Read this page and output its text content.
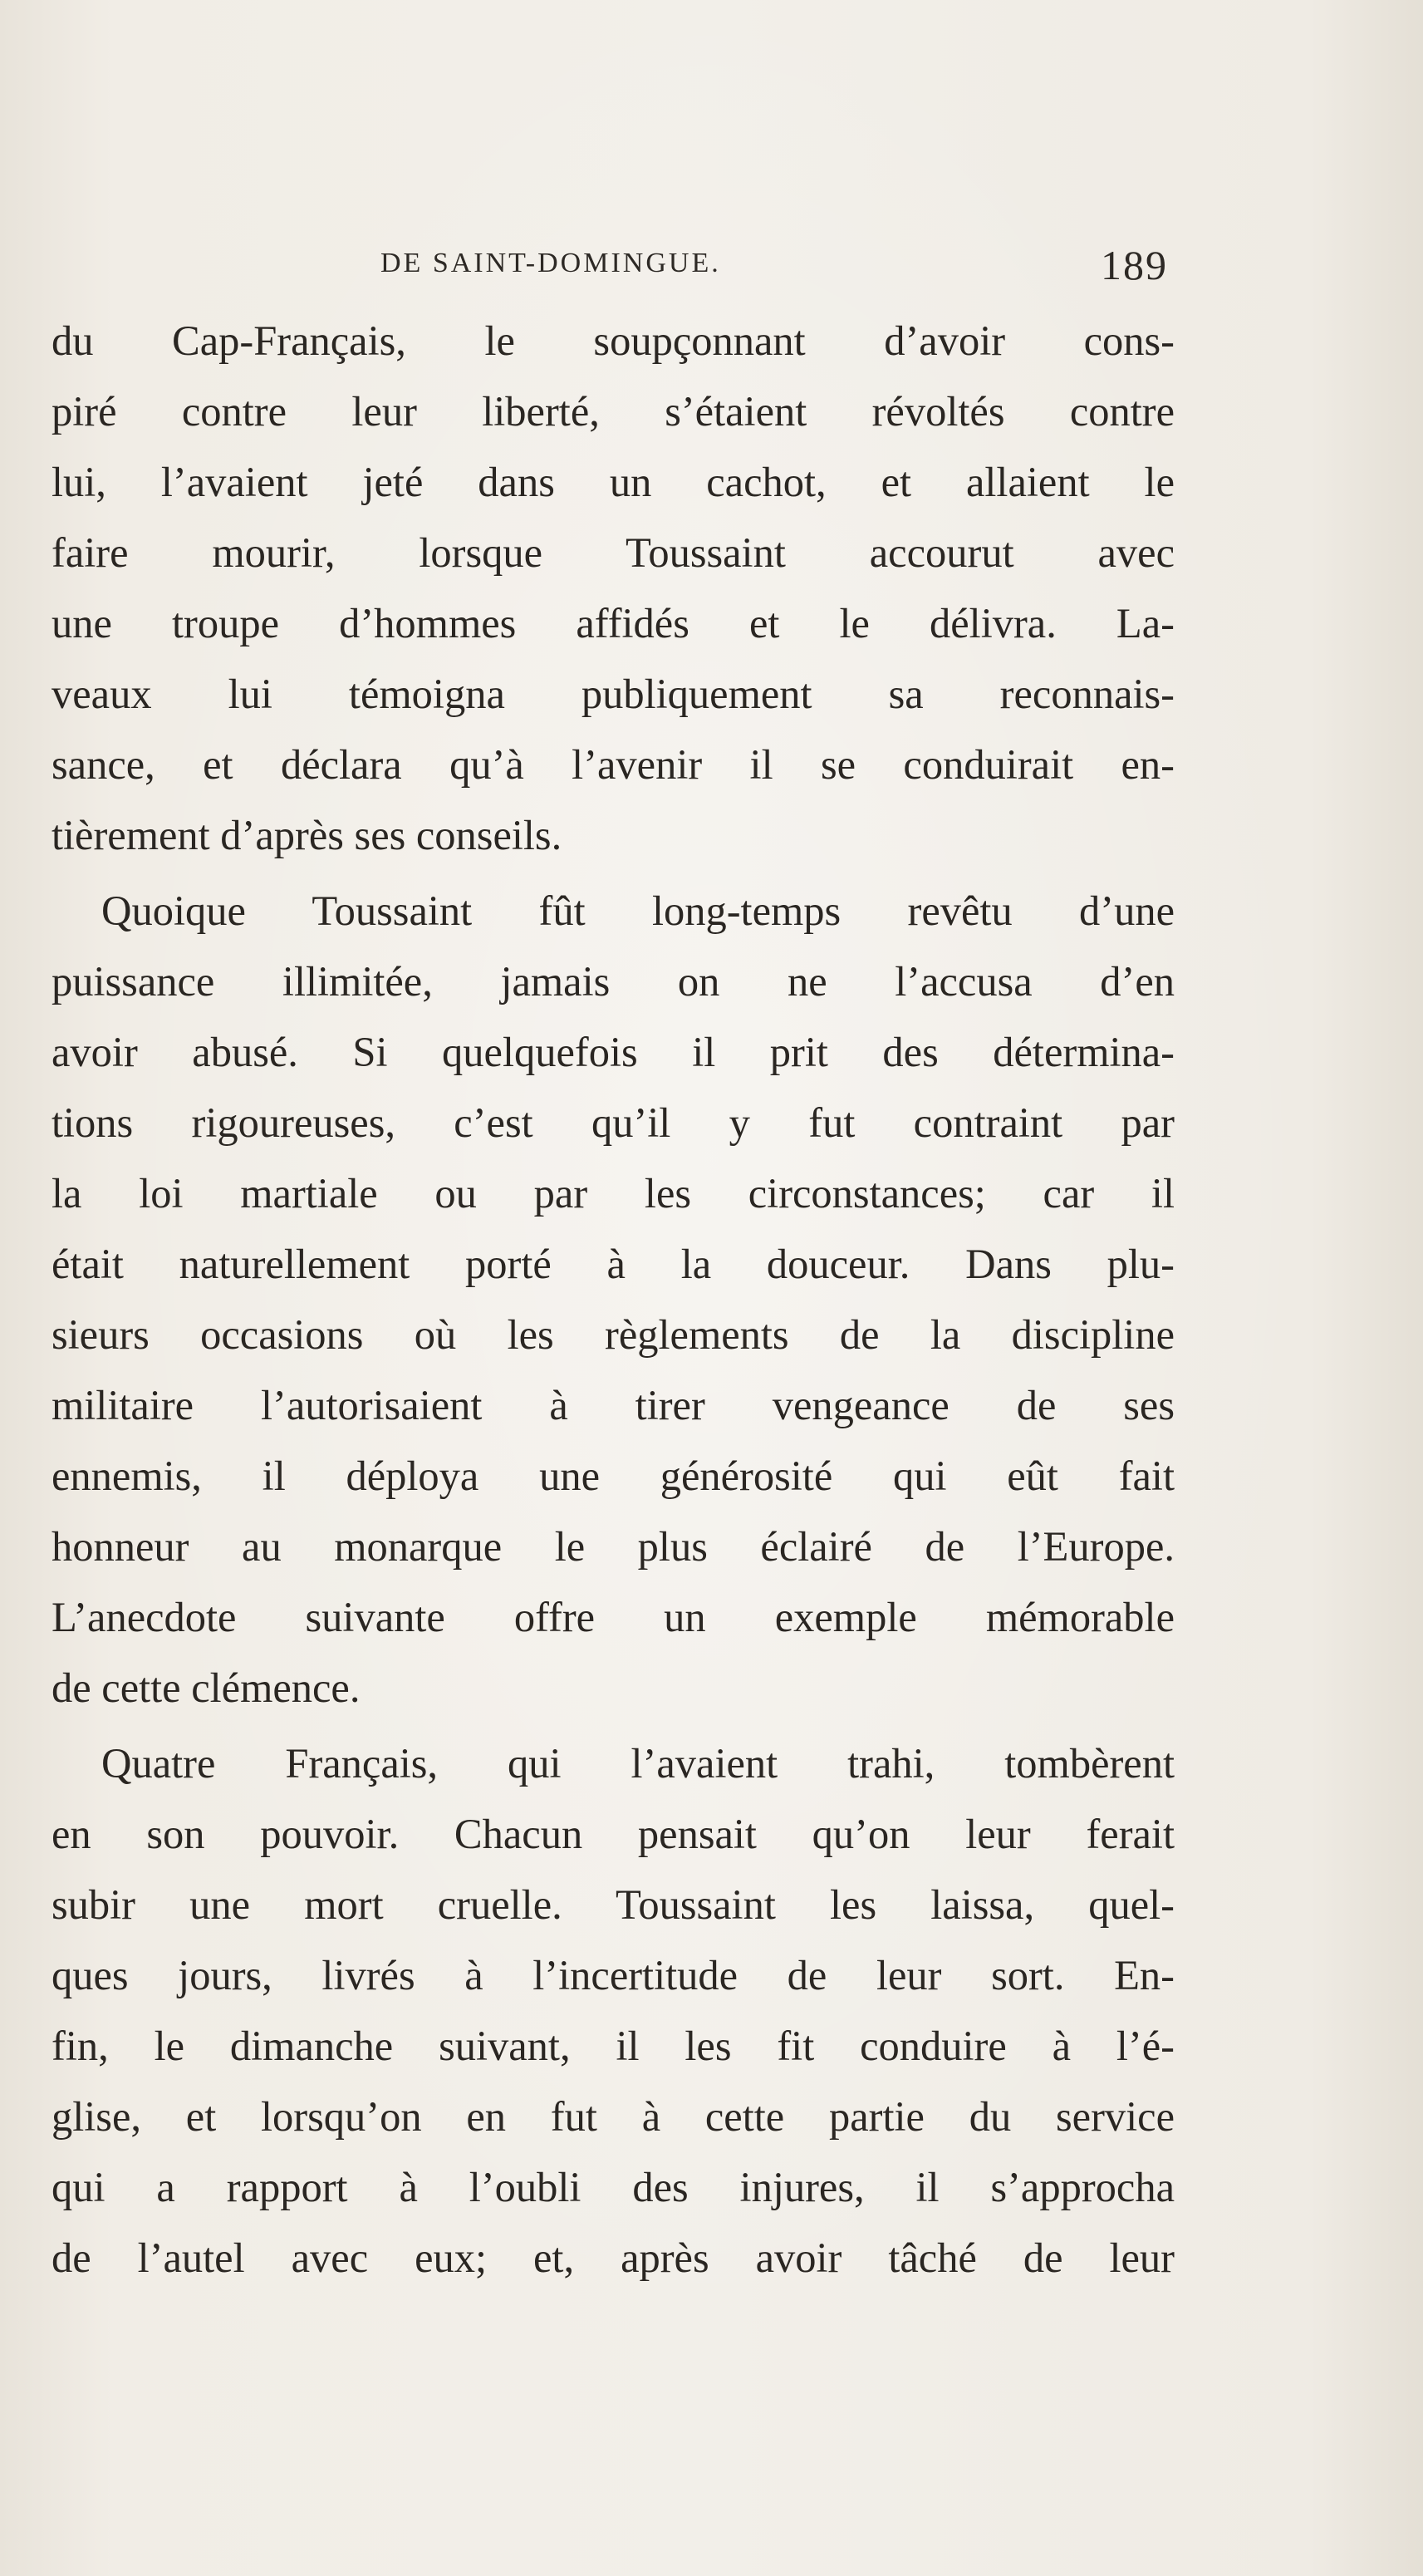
DE SAINT-DOMINGUE.	189
du Cap-Français, le soupçonnant d’avoir cons-
piré contre leur liberté, s’étaient révoltés contre
lui, l’avaient jeté dans un cachot, et allaient le
faire mourir, lorsque Toussaint accourut avec
une troupe d’hommes affidés et le délivra. La-
veaux lui témoigna publiquement sa reconnais-
sance, et déclara qu’à l’avenir il se conduirait en-
tièrement d’après ses conseils.
Quoique Toussaint fût long-temps revêtu d’une
puissance illimitée, jamais on ne l’accusa d’en
avoir abusé. Si quelquefois il prit des détermina-
tions rigoureuses, c’est qu’il y fut contraint par
la loi martiale ou par les circonstances; car il
était naturellement porté à la douceur. Dans plu-
sieurs occasions où les règlements de la discipline
militaire l’autorisaient à tirer vengeance de ses
ennemis, il déploya une générosité qui eût fait
honneur au monarque le plus éclairé de l’Europe.
L’anecdote suivante offre un exemple mémorable
de cette clémence.
Quatre Français, qui l’avaient trahi, tombèrent
en son pouvoir. Chacun pensait qu’on leur ferait
subir une mort cruelle. Toussaint les laissa, quel-
ques jours, livrés à l’incertitude de leur sort. En-
fin, le dimanche suivant, il les fit conduire à l’é-
glise, et lorsqu’on en fut à cette partie du service
qui a rapport à l’oubli des injures, il s’approcha
de l’autel avec eux; et, après avoir tâché de leur
